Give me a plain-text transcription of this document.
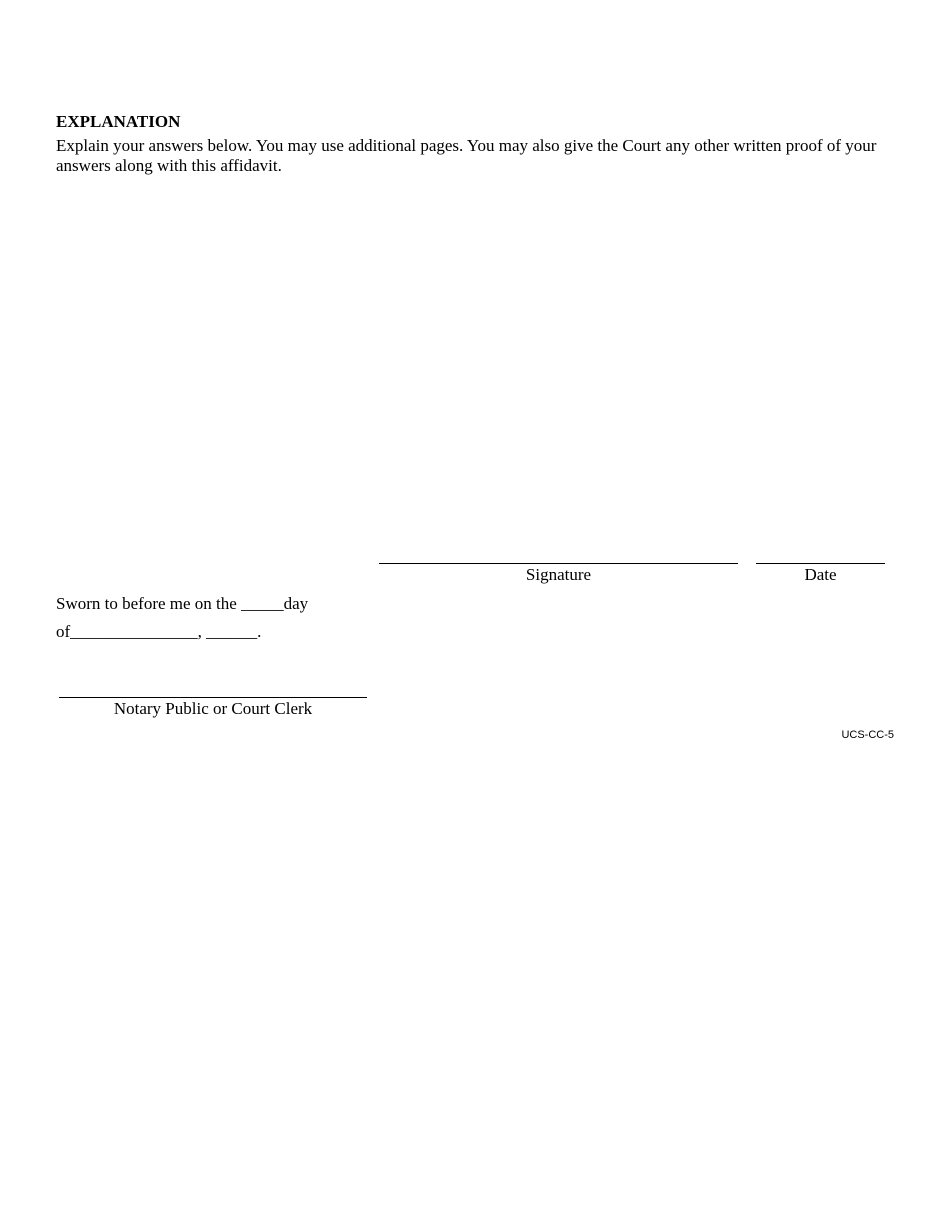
EXPLANATION
Explain your answers below. You may use additional pages. You may also give the Court any other written proof of your answers along with this affidavit.
Signature	Date
Sworn to before me on the _____day
of_______________, ______.
Notary Public or Court Clerk
UCS-CC-5
